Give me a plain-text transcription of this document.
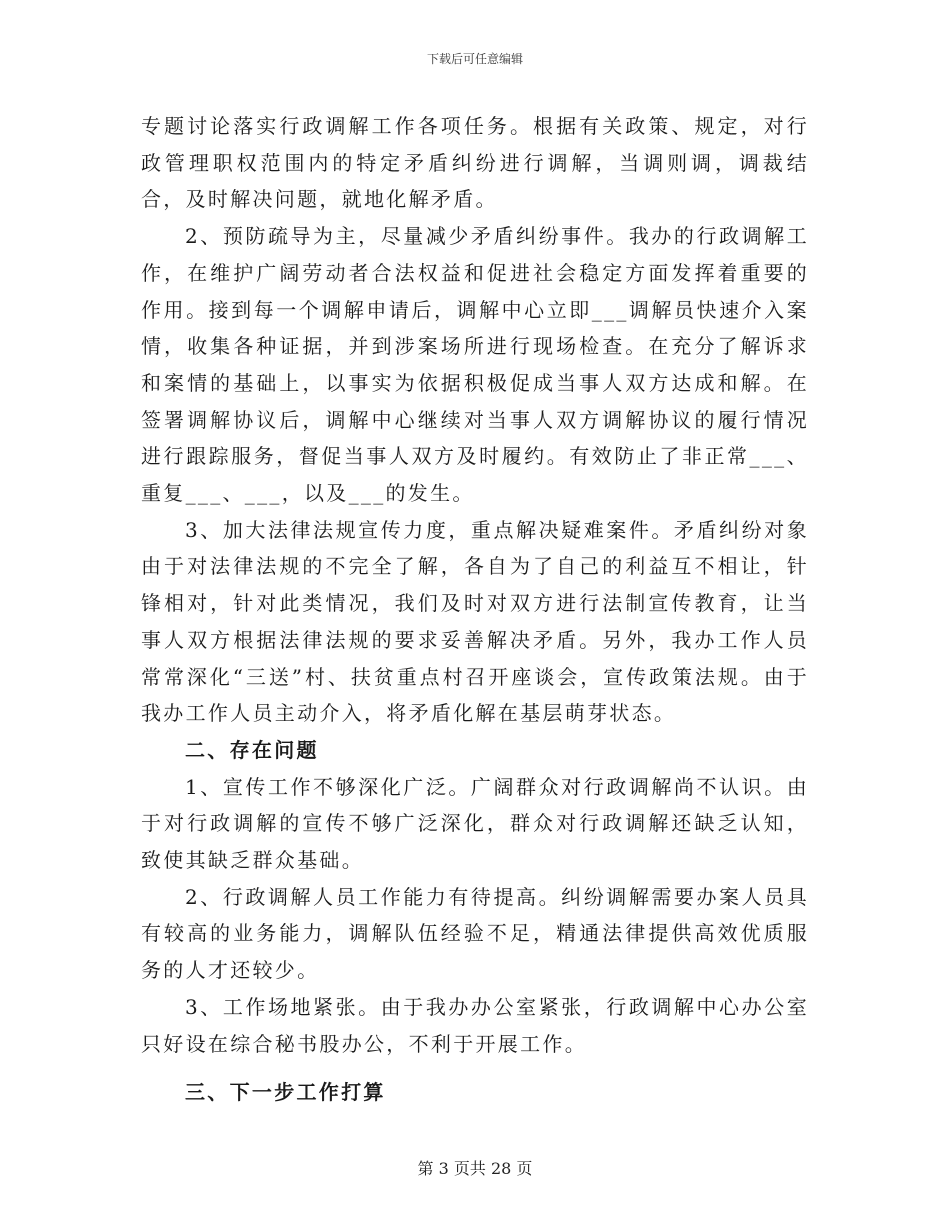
下载后可任意编辑

专题讨论落实行政调解工作各项任务。根据有关政策、规定，对行政管理职权范围内的特定矛盾纠纷进行调解，当调则调，调裁结合，及时解决问题，就地化解矛盾。

2、预防疏导为主，尽量减少矛盾纠纷事件。我办的行政调解工作，在维护广阔劳动者合法权益和促进社会稳定方面发挥着重要的作用。接到每一个调解申请后，调解中心立即___调解员快速介入案情，收集各种证据，并到涉案场所进行现场检查。在充分了解诉求和案情的基础上，以事实为依据积极促成当事人双方达成和解。在签署调解协议后，调解中心继续对当事人双方调解协议的履行情况进行跟踪服务，督促当事人双方及时履约。有效防止了非正常___、重复___、___，以及___的发生。

3、加大法律法规宣传力度，重点解决疑难案件。矛盾纠纷对象由于对法律法规的不完全了解，各自为了自己的利益互不相让，针锋相对，针对此类情况，我们及时对双方进行法制宣传教育，让当事人双方根据法律法规的要求妥善解决矛盾。另外，我办工作人员常常深化“三送”村、扶贫重点村召开座谈会，宣传政策法规。由于我办工作人员主动介入，将矛盾化解在基层萌芽状态。

二、存在问题

1、宣传工作不够深化广泛。广阔群众对行政调解尚不认识。由于对行政调解的宣传不够广泛深化，群众对行政调解还缺乏认知，致使其缺乏群众基础。

2、行政调解人员工作能力有待提高。纠纷调解需要办案人员具有较高的业务能力，调解队伍经验不足，精通法律提供高效优质服务的人才还较少。

3、工作场地紧张。由于我办办公室紧张，行政调解中心办公室只好设在综合秘书股办公，不利于开展工作。

三、下一步工作打算

第 3 页共 28 页
